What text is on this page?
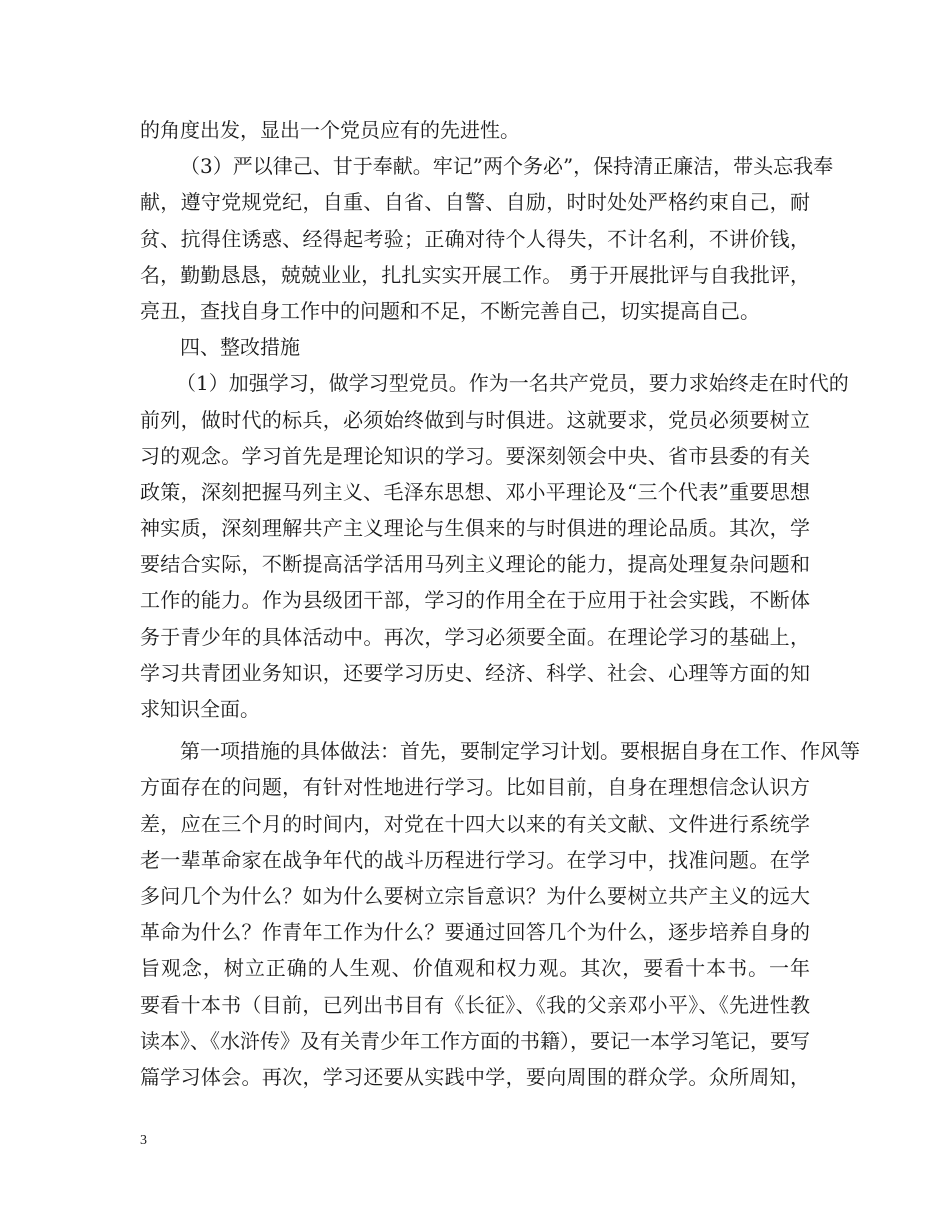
的角度出发，显出一个党员应有的先进性。
（3）严以律己、甘于奉献。牢记”两个务必”，保持清正廉洁，带头忘我奉
献，遵守党规党纪，自重、自省、自警、自励，时时处处严格约束自己，耐
贫、抗得住诱惑、经得起考验；正确对待个人得失，不计名利，不讲价钱，
名，勤勤恳恳，兢兢业业，扎扎实实开展工作。 勇于开展批评与自我批评，
亮丑，查找自身工作中的问题和不足，不断完善自己，切实提高自己。
四、整改措施
（1）加强学习，做学习型党员。作为一名共产党员，要力求始终走在时代的
前列，做时代的标兵，必须始终做到与时俱进。这就要求，党员必须要树立
习的观念。学习首先是理论知识的学习。要深刻领会中央、省市县委的有关
政策，深刻把握马列主义、毛泽东思想、邓小平理论及“三个代表”重要思想
神实质，深刻理解共产主义理论与生俱来的与时俱进的理论品质。其次，学
要结合实际，不断提高活学活用马列主义理论的能力，提高处理复杂问题和
工作的能力。作为县级团干部，学习的作用全在于应用于社会实践，不断体
务于青少年的具体活动中。再次，学习必须要全面。在理论学习的基础上，
学习共青团业务知识，还要学习历史、经济、科学、社会、心理等方面的知
求知识全面。
第一项措施的具体做法：首先，要制定学习计划。要根据自身在工作、作风等
方面存在的问题，有针对性地进行学习。比如目前，自身在理想信念认识方
差，应在三个月的时间内，对党在十四大以来的有关文献、文件进行系统学
老一辈革命家在战争年代的战斗历程进行学习。在学习中，找准问题。在学
多问几个为什么？如为什么要树立宗旨意识？为什么要树立共产主义的远大
革命为什么？作青年工作为什么？要通过回答几个为什么，逐步培养自身的
旨观念，树立正确的人生观、价值观和权力观。其次，要看十本书。一年
要看十本书（目前，已列出书目有《长征》、《我的父亲邓小平》、《先进性教
读本》、《水浒传》及有关青少年工作方面的书籍），要记一本学习笔记，要写
篇学习体会。再次，学习还要从实践中学，要向周围的群众学。众所周知，
3
